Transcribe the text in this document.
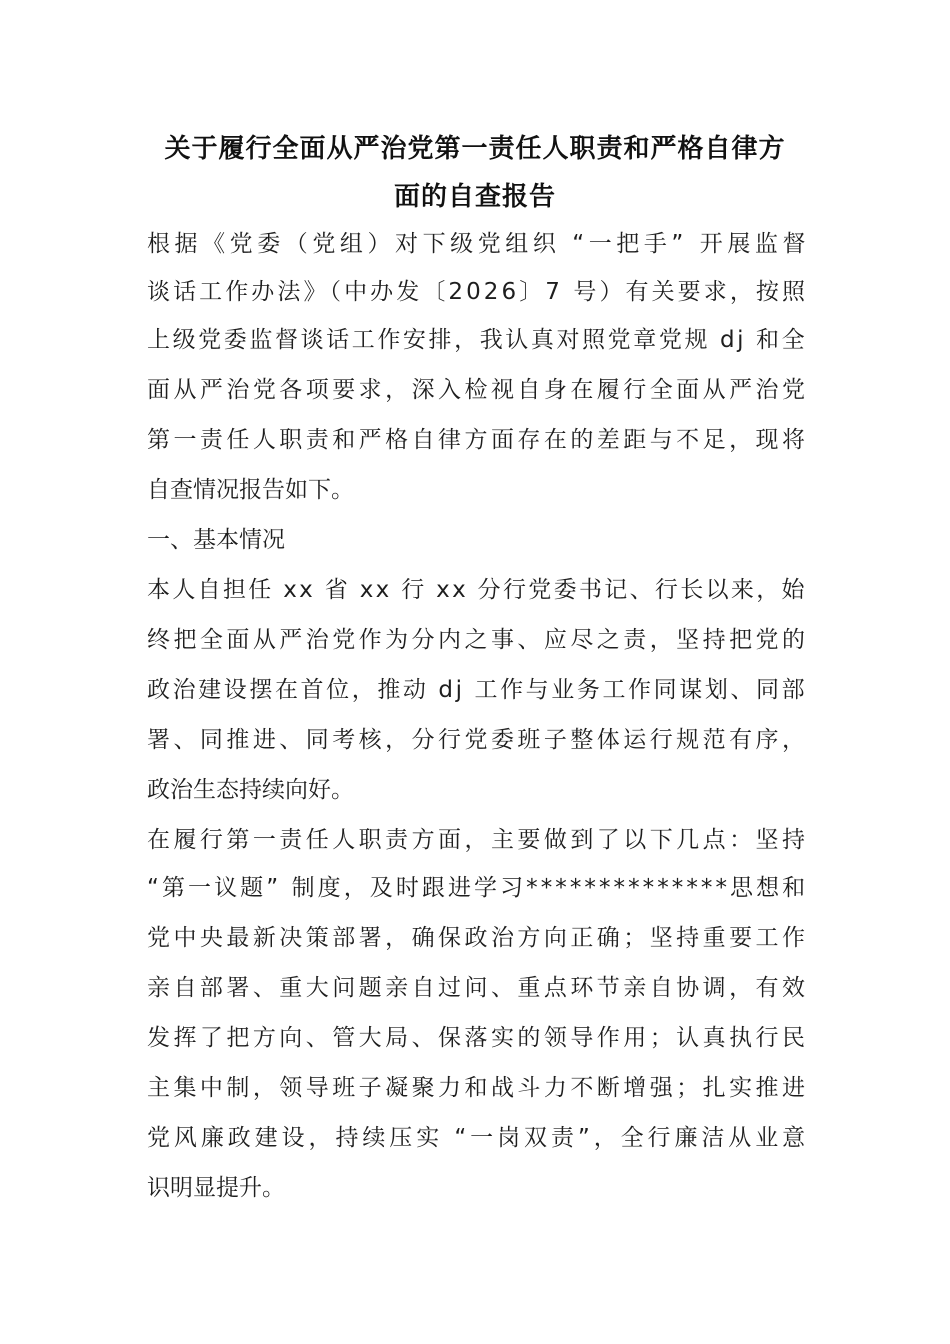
关于履行全面从严治党第一责任人职责和严格自律方
面的自查报告
根据《党委（党组）对下级党组织 “一把手” 开展监督
谈话工作办法》（中办发〔2026〕7 号）有关要求，按照
上级党委监督谈话工作安排，我认真对照党章党规 dj 和全
面从严治党各项要求，深入检视自身在履行全面从严治党
第一责任人职责和严格自律方面存在的差距与不足，现将
自查情况报告如下。
一、基本情况
本人自担任 xx 省 xx 行 xx 分行党委书记、行长以来，始
终把全面从严治党作为分内之事、应尽之责，坚持把党的
政治建设摆在首位，推动 dj 工作与业务工作同谋划、同部
署、同推进、同考核，分行党委班子整体运行规范有序，
政治生态持续向好。
在履行第一责任人职责方面，主要做到了以下几点：坚持
“第一议题” 制度，及时跟进学习**************思想和
党中央最新决策部署，确保政治方向正确；坚持重要工作
亲自部署、重大问题亲自过问、重点环节亲自协调，有效
发挥了把方向、管大局、保落实的领导作用；认真执行民
主集中制，领导班子凝聚力和战斗力不断增强；扎实推进
党风廉政建设，持续压实 “一岗双责”，全行廉洁从业意
识明显提升。
